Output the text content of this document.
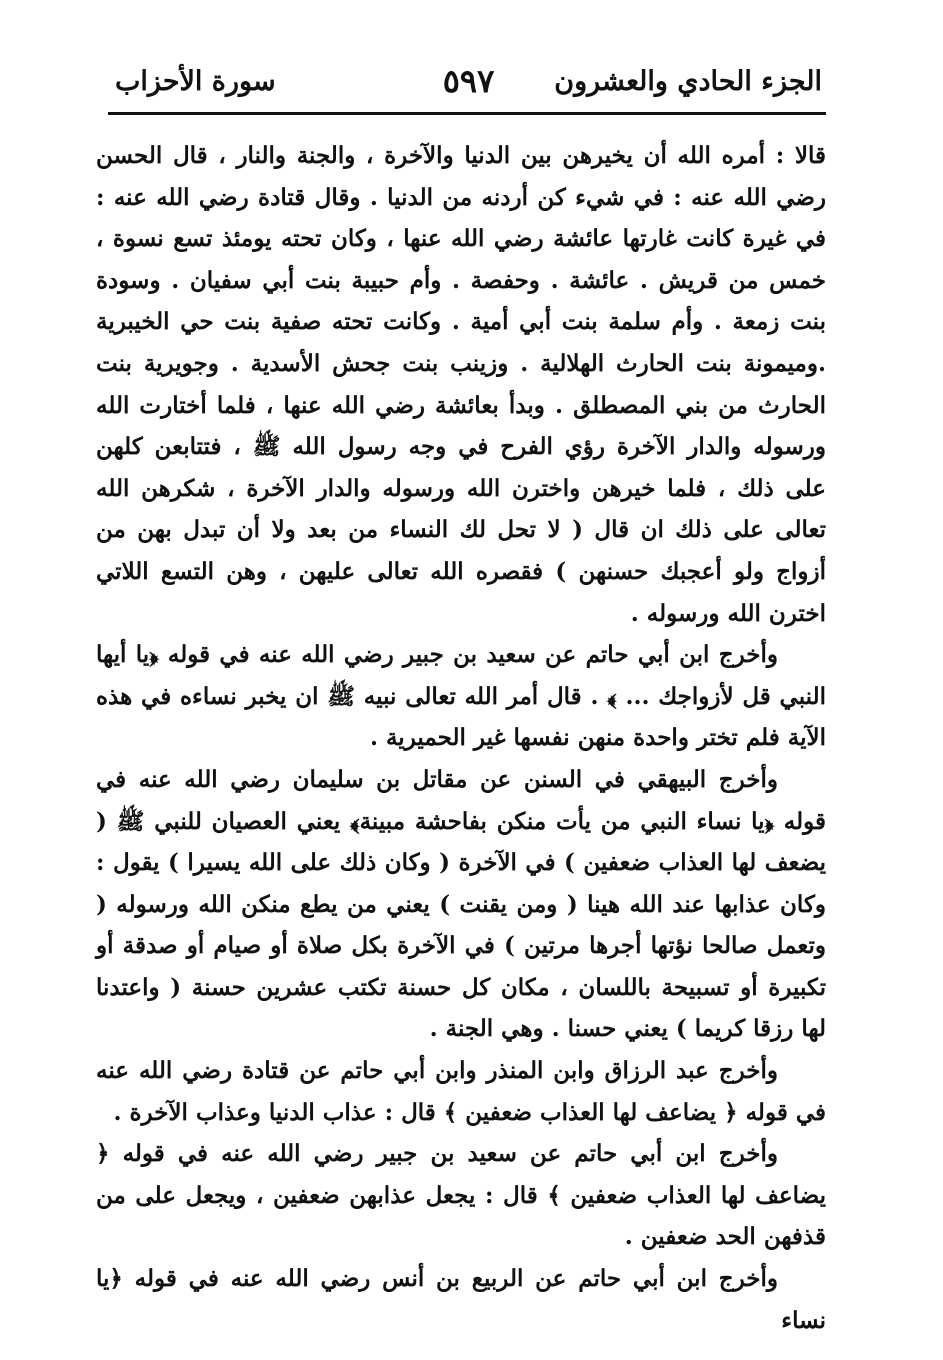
الجزء الحادي والعشرون
٥٩٧
سورة الأحزاب

قالا : أمره الله أن يخيرهن بين الدنيا والآخرة ، والجنة والنار ، قال الحسن رضي الله عنه : في شيء كن أردنه من الدنيا . وقال قتادة رضي الله عنه : في غيرة كانت غارتها عائشة رضي الله عنها ، وكان تحته يومئذ تسع نسوة ، خمس من قريش . عائشة . وحفصة . وأم حبيبة بنت أبي سفيان . وسودة بنت زمعة . وأم سلمة بنت أبي أمية . وكانت تحته صفية بنت حي الخيبرية .وميمونة بنت الحارث الهلالية . وزينب بنت جحش الأسدية . وجويرية بنت الحارث من بني المصطلق . وبدأ بعائشة رضي الله عنها ، فلما أختارت الله ورسوله والدار الآخرة رؤي الفرح في وجه رسول الله ﷺ ، فتتابعن كلهن على ذلك ، فلما خيرهن واخترن الله ورسوله والدار الآخرة ، شكرهن الله تعالى على ذلك ان قال ( لا تحل لك النساء من بعد ولا أن تبدل بهن من أزواج ولو أعجبك حسنهن ) فقصره الله تعالى عليهن ، وهن التسع اللاتي اخترن الله ورسوله .

وأخرج ابن أبي حاتم عن سعيد بن جبير رضي الله عنه في قوله ﴿يا أيها النبي قل لأزواجك ... ﴾ . قال أمر الله تعالى نبيه ﷺ ان يخبر نساءه في هذه الآية فلم تختر واحدة منهن نفسها غير الحميرية .

وأخرج البيهقي في السنن عن مقاتل بن سليمان رضي الله عنه في قوله ﴿يا نساء النبي من يأت منكن بفاحشة مبينة﴾ يعني العصيان للنبي ﷺ ( يضعف لها العذاب ضعفين ) في الآخرة ( وكان ذلك على الله يسيرا ) يقول : وكان عذابها عند الله هينا ( ومن يقنت ) يعني من يطع منكن الله ورسوله ( وتعمل صالحا نؤتها أجرها مرتين ) في الآخرة بكل صلاة أو صيام أو صدقة أو تكبيرة أو تسبيحة باللسان ، مكان كل حسنة تكتب عشرين حسنة ( واعتدنا لها رزقا كريما ) يعني حسنا . وهي الجنة .

وأخرج عبد الرزاق وابن المنذر وابن أبي حاتم عن قتادة رضي الله عنه في قوله ﴿ يضاعف لها العذاب ضعفين ﴾ قال : عذاب الدنيا وعذاب الآخرة .

وأخرج ابن أبي حاتم عن سعيد بن جبير رضي الله عنه في قوله ﴿ يضاعف لها العذاب ضعفين ﴾ قال : يجعل عذابهن ضعفين ، ويجعل على من قذفهن الحد ضعفين .

وأخرج ابن أبي حاتم عن الربيع بن أنس رضي الله عنه في قوله ﴿يا نساء
